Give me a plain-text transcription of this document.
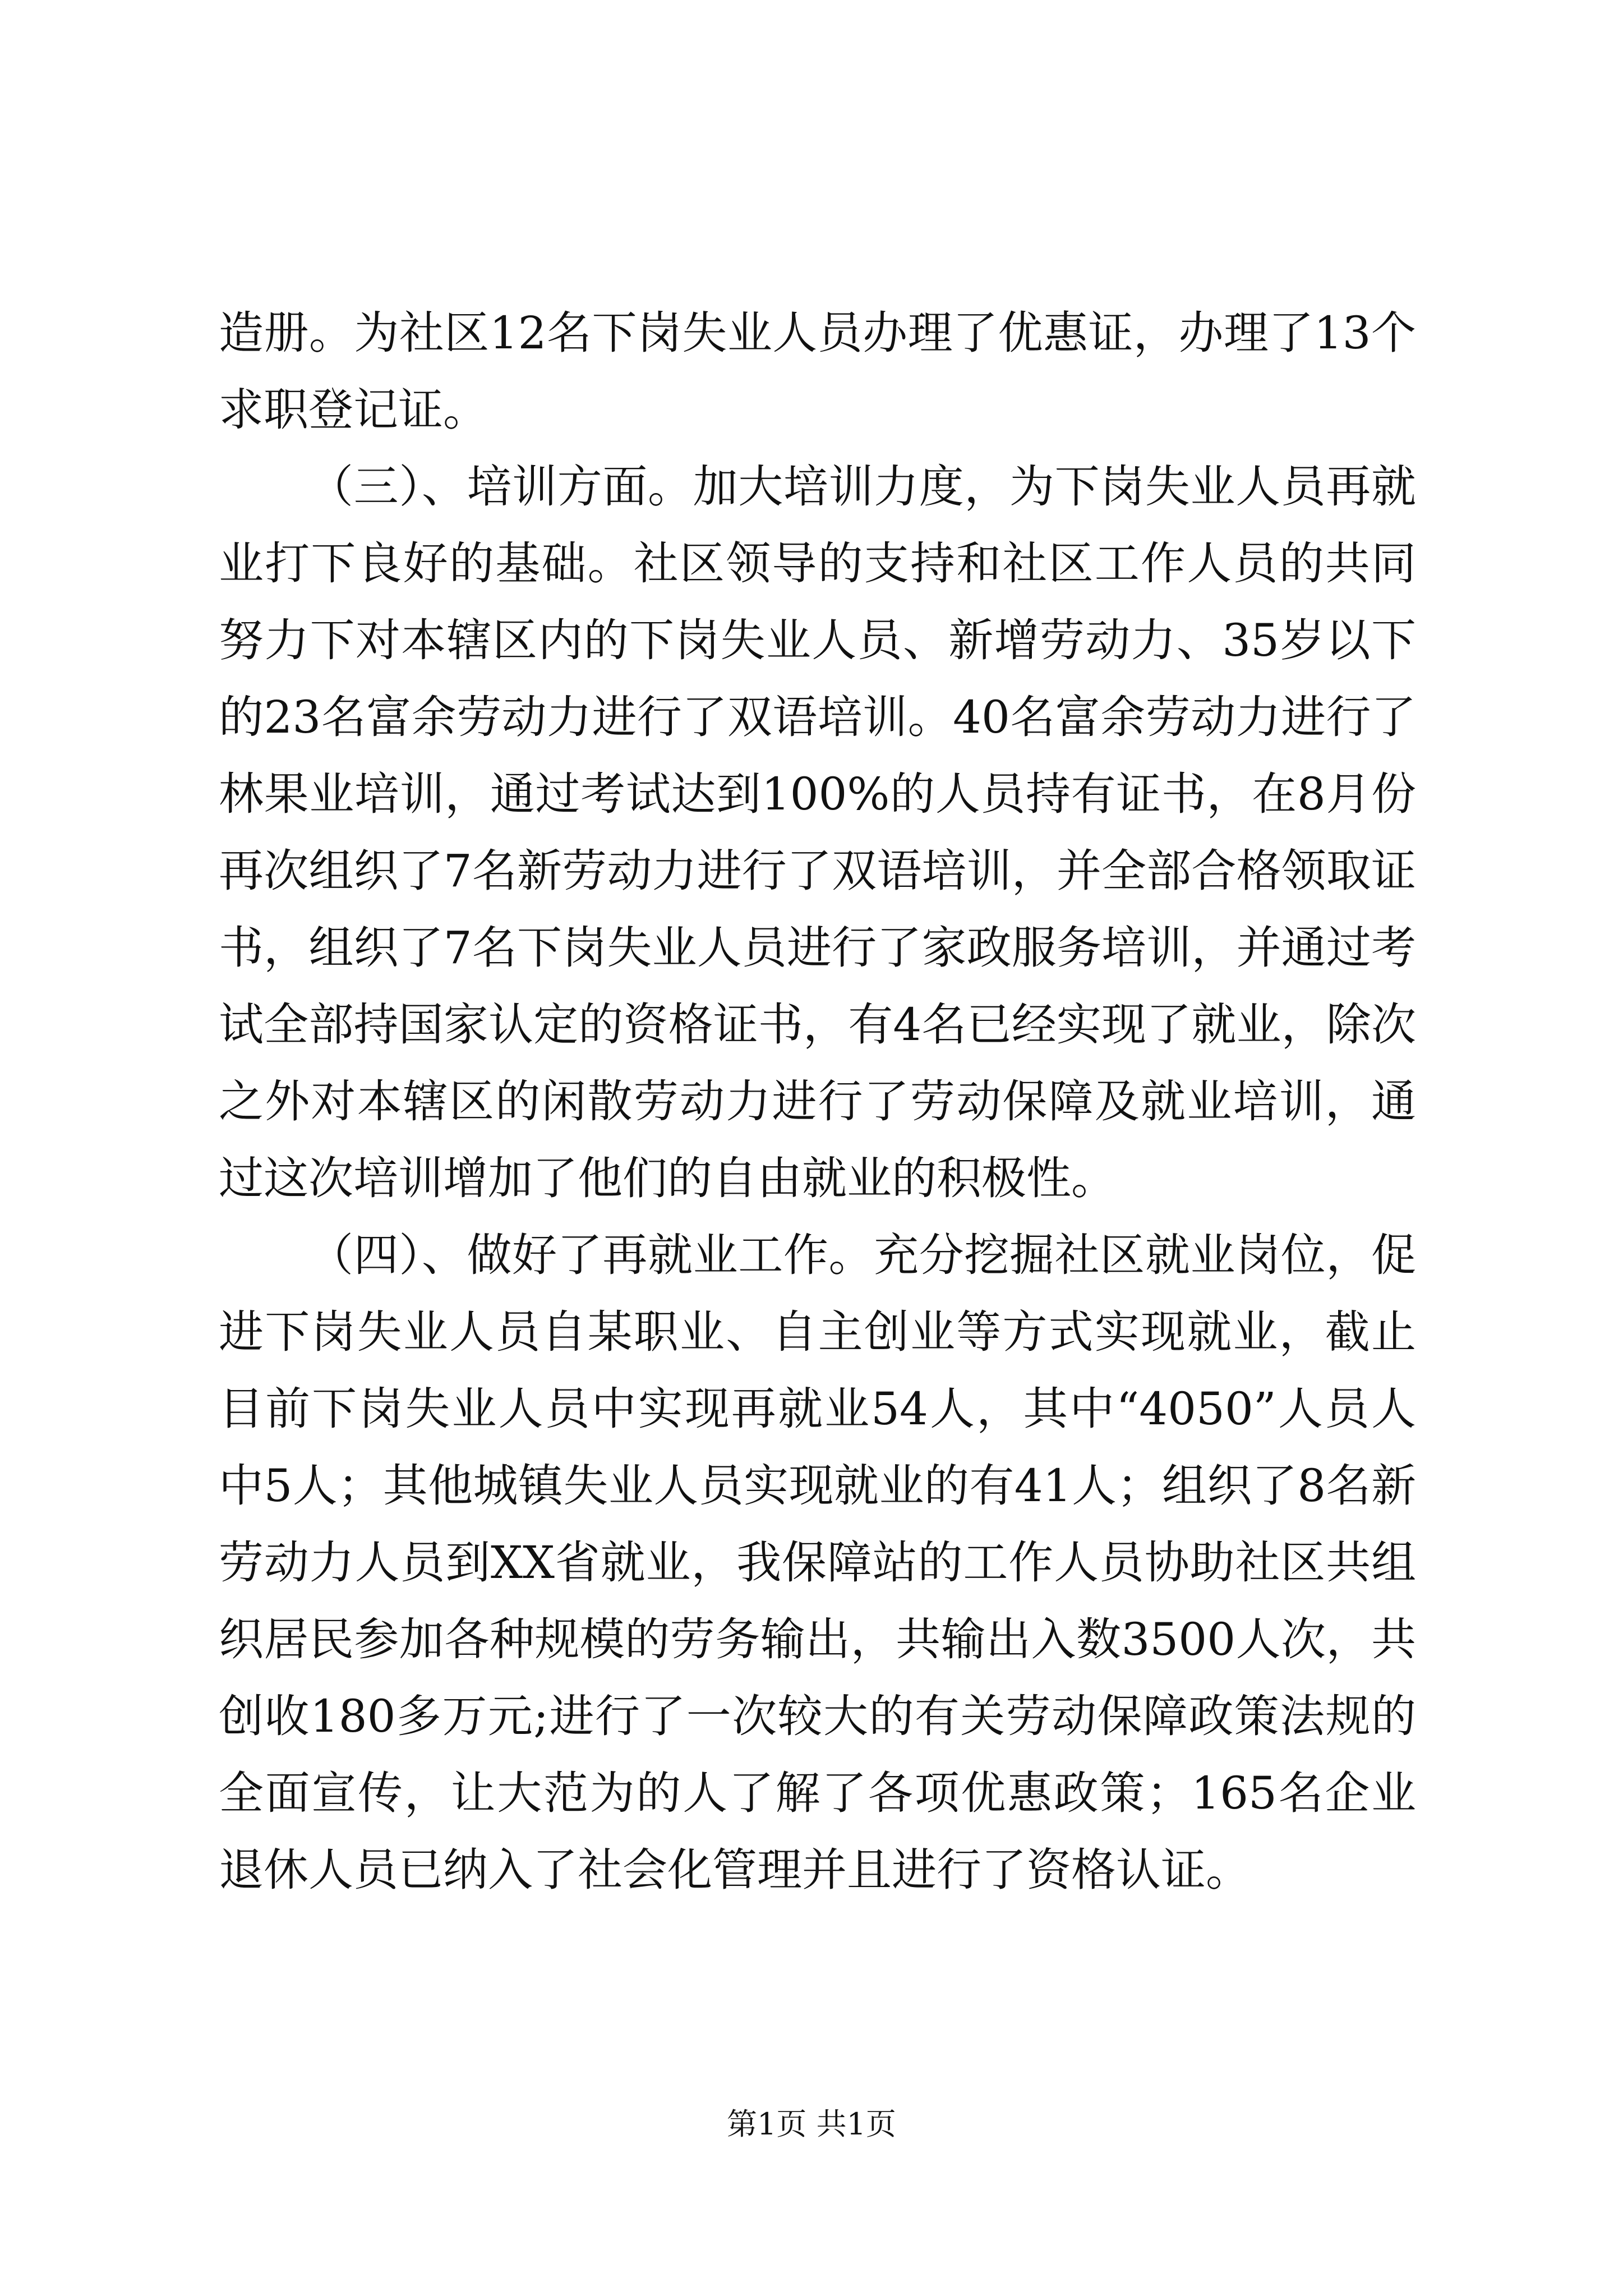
造册。为社区12名下岗失业人员办理了优惠证，办理了13个求职登记证。

（三）、培训方面。加大培训力度，为下岗失业人员再就业打下良好的基础。社区领导的支持和社区工作人员的共同努力下对本辖区内的下岗失业人员、新增劳动力、35岁以下的23名富余劳动力进行了双语培训。40名富余劳动力进行了林果业培训，通过考试达到100%的人员持有证书，在8月份再次组织了7名新劳动力进行了双语培训，并全部合格领取证书，组织了7名下岗失业人员进行了家政服务培训，并通过考试全部持国家认定的资格证书，有4名已经实现了就业，除次之外对本辖区的闲散劳动力进行了劳动保障及就业培训，通过这次培训增加了他们的自由就业的积极性。

（四）、做好了再就业工作。充分挖掘社区就业岗位，促进下岗失业人员自某职业、自主创业等方式实现就业，截止目前下岗失业人员中实现再就业54人，其中“4050”人员人中5人；其他城镇失业人员实现就业的有41人；组织了8名新劳动力人员到XX省就业，我保障站的工作人员协助社区共组织居民参加各种规模的劳务输出，共输出入数3500人次，共创收180多万元;进行了一次较大的有关劳动保障政策法规的全面宣传，让大范为的人了解了各项优惠政策；165名企业退休人员已纳入了社会化管理并且进行了资格认证。

第1页 共1页
